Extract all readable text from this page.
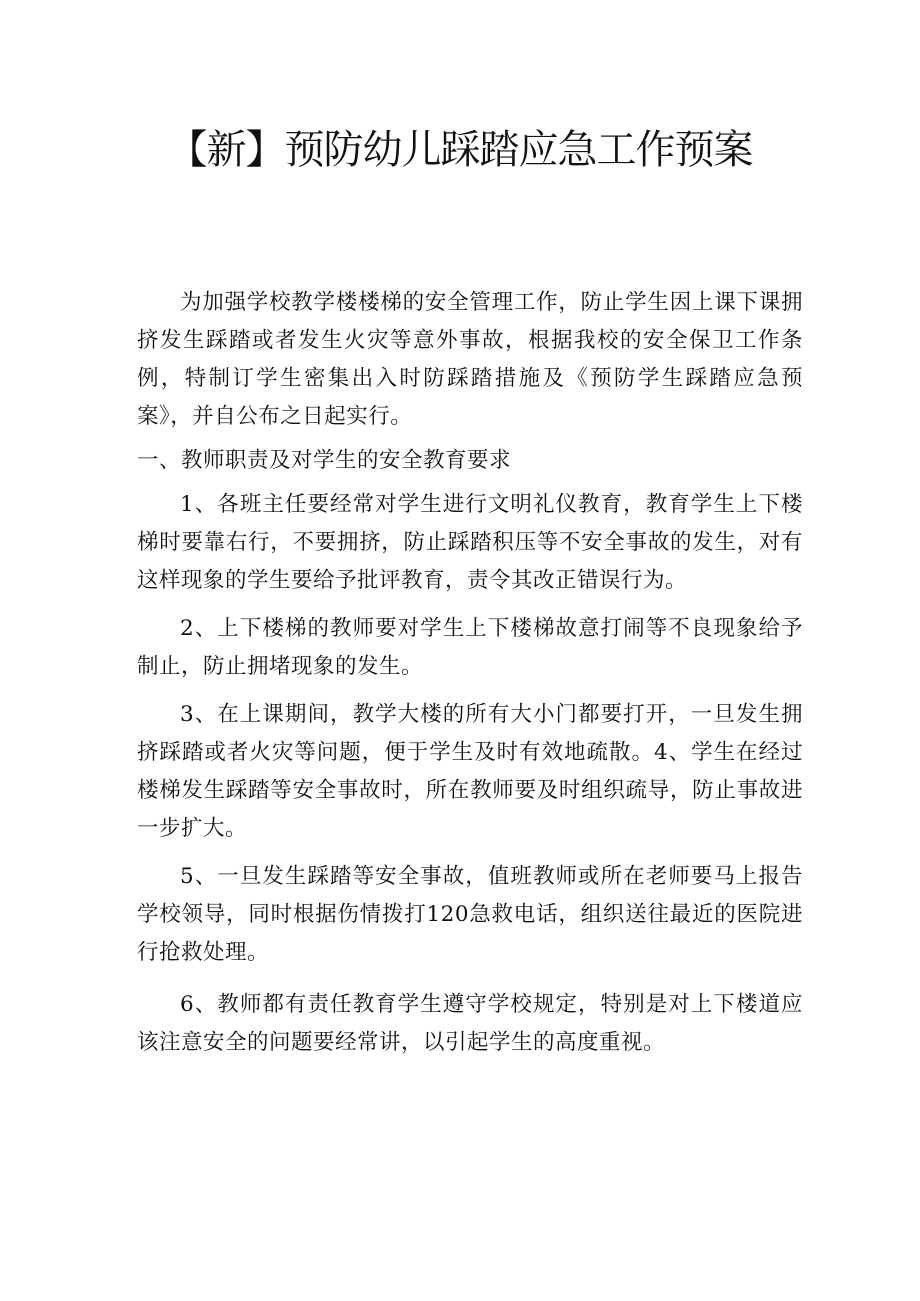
【新】预防幼儿踩踏应急工作预案

为加强学校教学楼楼梯的安全管理工作，防止学生因上课下课拥挤发生踩踏或者发生火灾等意外事故，根据我校的安全保卫工作条例，特制订学生密集出入时防踩踏措施及《预防学生踩踏应急预案》，并自公布之日起实行。

一、教师职责及对学生的安全教育要求

1、各班主任要经常对学生进行文明礼仪教育，教育学生上下楼梯时要靠右行，不要拥挤，防止踩踏积压等不安全事故的发生，对有这样现象的学生要给予批评教育，责令其改正错误行为。

2、上下楼梯的教师要对学生上下楼梯故意打闹等不良现象给予制止，防止拥堵现象的发生。

3、在上课期间，教学大楼的所有大小门都要打开，一旦发生拥挤踩踏或者火灾等问题，便于学生及时有效地疏散。4、学生在经过楼梯发生踩踏等安全事故时，所在教师要及时组织疏导，防止事故进一步扩大。

5、一旦发生踩踏等安全事故，值班教师或所在老师要马上报告学校领导，同时根据伤情拨打120急救电话，组织送往最近的医院进行抢救处理。

6、教师都有责任教育学生遵守学校规定，特别是对上下楼道应该注意安全的问题要经常讲，以引起学生的高度重视。
